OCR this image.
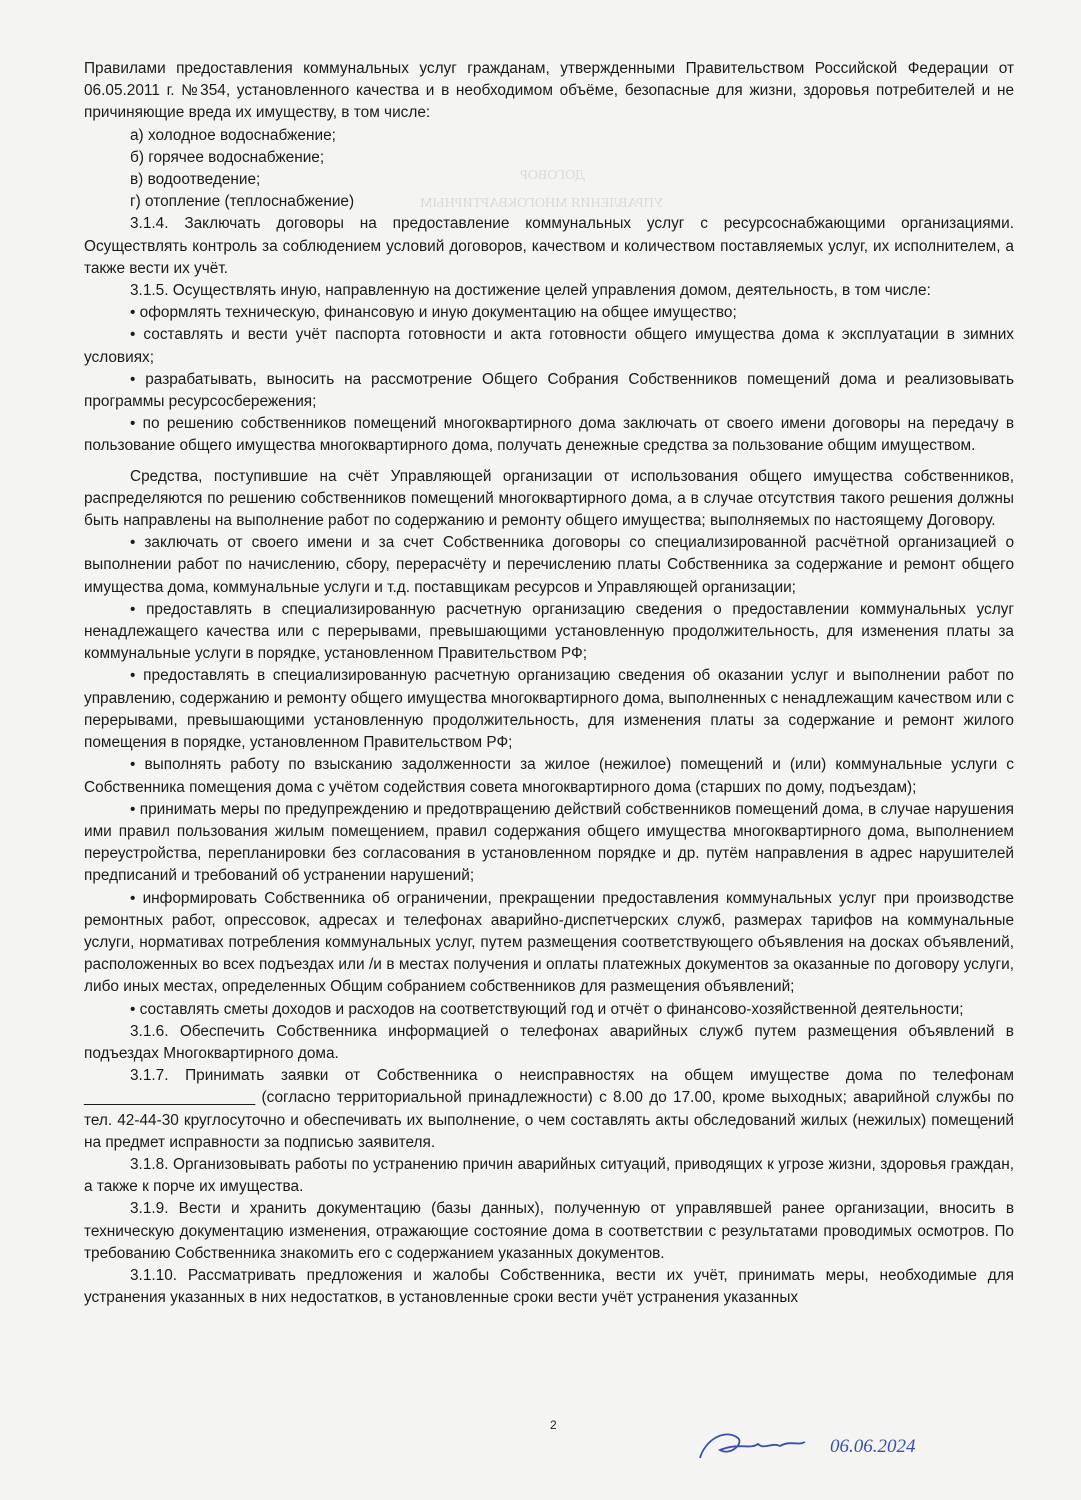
ДОГОВОР
УПРАВЛЕНИЯ МНОГОКВАРТИРНЫМ

Правилами предоставления коммунальных услуг гражданам, утвержденными Правительством Российской Федерации от 06.05.2011 г. №354, установленного качества и в необходимом объёме, безопасные для жизни, здоровья потребителей и не причиняющие вреда их имуществу, в том числе:

а) холодное водоснабжение;

б) горячее водоснабжение;

в) водоотведение;

г) отопление (теплоснабжение)

3.1.4. Заключать договоры на предоставление коммунальных услуг с ресурсоснабжающими организациями. Осуществлять контроль за соблюдением условий договоров, качеством и количеством поставляемых услуг, их исполнителем, а также вести их учёт.

3.1.5. Осуществлять иную, направленную на достижение целей управления домом, деятельность, в том числе:

• оформлять техническую, финансовую и иную документацию на общее имущество;

• составлять и вести учёт паспорта готовности и акта готовности общего имущества дома к эксплуатации в зимних условиях;

• разрабатывать, выносить на рассмотрение Общего Собрания Собственников помещений дома и реализовывать программы ресурсосбережения;

• по решению собственников помещений многоквартирного дома заключать от своего имени договоры на передачу в пользование общего имущества многоквартирного дома, получать денежные средства за пользование общим имуществом.

Средства, поступившие на счёт Управляющей организации от использования общего имущества собственников, распределяются по решению собственников помещений многоквартирного дома, а в случае отсутствия такого решения должны быть направлены на выполнение работ по содержанию и ремонту общего имущества; выполняемых по настоящему Договору.

• заключать от своего имени и за счет Собственника договоры со специализированной расчётной организацией о выполнении работ по начислению, сбору, перерасчёту и перечислению платы Собственника за содержание и ремонт общего имущества дома, коммунальные услуги и т.д. поставщикам ресурсов и Управляющей организации;

• предоставлять в специализированную расчетную организацию сведения о предоставлении коммунальных услуг ненадлежащего качества или с перерывами, превышающими установленную продолжительность, для изменения платы за коммунальные услуги в порядке, установленном Правительством РФ;

• предоставлять в специализированную расчетную организацию сведения об оказании услуг и выполнении работ по управлению, содержанию и ремонту общего имущества многоквартирного дома, выполненных с ненадлежащим качеством или с перерывами, превышающими установленную продолжительность, для изменения платы за содержание и ремонт жилого помещения в порядке, установленном Правительством РФ;

• выполнять работу по взысканию задолженности за жилое (нежилое) помещений и (или) коммунальные услуги с Собственника помещения дома с учётом содействия совета многоквартирного дома (старших по дому, подъездам);

• принимать меры по предупреждению и предотвращению действий собственников помещений дома, в случае нарушения ими правил пользования жилым помещением, правил содержания общего имущества многоквартирного дома, выполнением переустройства, перепланировки без согласования в установленном порядке и др. путём направления в адрес нарушителей предписаний и требований об устранении нарушений;

• информировать Собственника об ограничении, прекращении предоставления коммунальных услуг при производстве ремонтных работ, опрессовок, адресах и телефонах аварийно-диспетчерских служб, размерах тарифов на коммунальные услуги, нормативах потребления коммунальных услуг, путем размещения соответствующего объявления на досках объявлений, расположенных во всех подъездах или /и в местах получения и оплаты платежных документов за оказанные по договору услуги, либо иных местах, определенных Общим собранием собственников для размещения объявлений;

• составлять сметы доходов и расходов на соответствующий год и отчёт о финансово-хозяйственной деятельности;

3.1.6. Обеспечить Собственника информацией о телефонах аварийных служб путем размещения объявлений в подъездах Многоквартирного дома.

3.1.7. Принимать заявки от Собственника о неисправностях на общем имуществе дома по телефонам ____________________ (согласно территориальной принадлежности) с 8.00 до 17.00, кроме выходных; аварийной службы по тел. 42-44-30 круглосуточно и обеспечивать их выполнение, о чем составлять акты обследований жилых (нежилых) помещений на предмет исправности за подписью заявителя.

3.1.8. Организовывать работы по устранению причин аварийных ситуаций, приводящих к угрозе жизни, здоровья граждан, а также к порче их имущества.

3.1.9. Вести и хранить документацию (базы данных), полученную от управлявшей ранее организации, вносить в техническую документацию изменения, отражающие состояние дома в соответствии с результатами проводимых осмотров. По требованию Собственника знакомить его с содержанием указанных документов.

3.1.10. Рассматривать предложения и жалобы Собственника, вести их учёт, принимать меры, необходимые для устранения указанных в них недостатков, в установленные сроки вести учёт устранения указанных

2
06.06.2024
